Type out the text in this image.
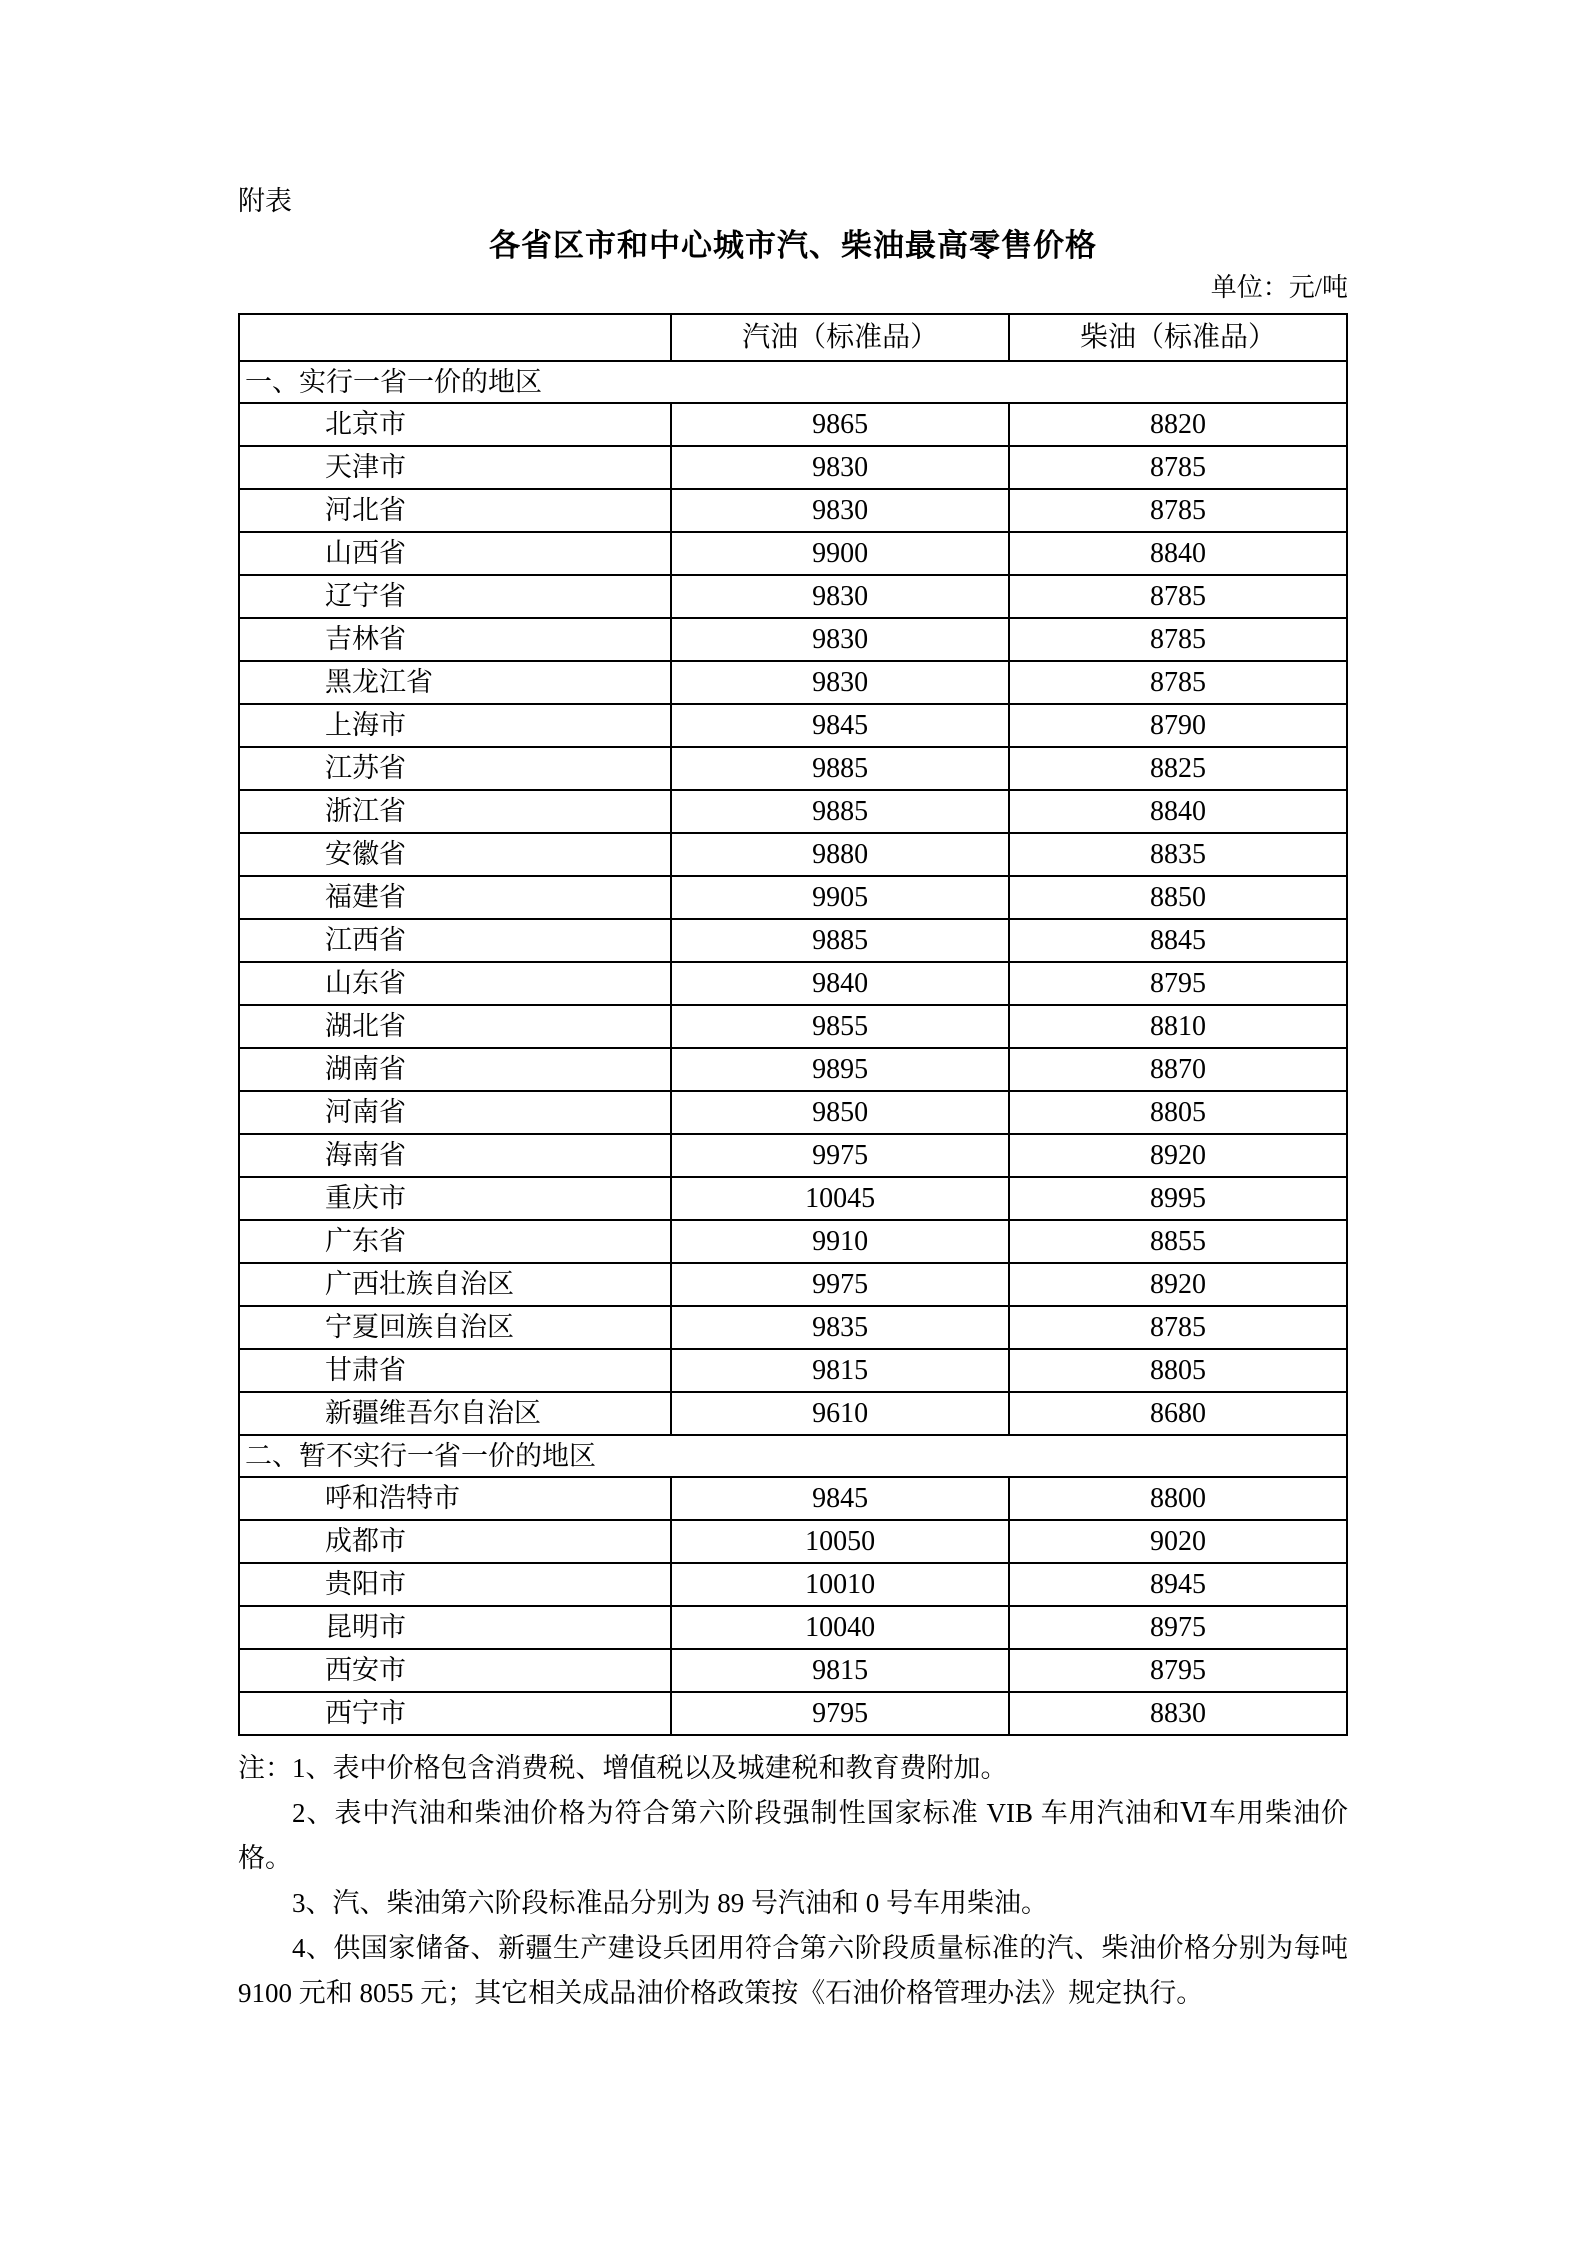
附表
各省区市和中心城市汽、柴油最高零售价格
单位：元/吨
	汽油（标准品）	柴油（标准品）
一、实行一省一价的地区		
北京市	9865	8820
天津市	9830	8785
河北省	9830	8785
山西省	9900	8840
辽宁省	9830	8785
吉林省	9830	8785
黑龙江省	9830	8785
上海市	9845	8790
江苏省	9885	8825
浙江省	9885	8840
安徽省	9880	8835
福建省	9905	8850
江西省	9885	8845
山东省	9840	8795
湖北省	9855	8810
湖南省	9895	8870
河南省	9850	8805
海南省	9975	8920
重庆市	10045	8995
广东省	9910	8855
广西壮族自治区	9975	8920
宁夏回族自治区	9835	8785
甘肃省	9815	8805
新疆维吾尔自治区	9610	8680
二、暂不实行一省一价的地区		
呼和浩特市	9845	8800
成都市	10050	9020
贵阳市	10010	8945
昆明市	10040	8975
西安市	9815	8795
西宁市	9795	8830

注：1、表中价格包含消费税、增值税以及城建税和教育费附加。

2、表中汽油和柴油价格为符合第六阶段强制性国家标准 VIB 车用汽油和Ⅵ车用柴油价格。

3、汽、柴油第六阶段标准品分别为 89 号汽油和 0 号车用柴油。

4、供国家储备、新疆生产建设兵团用符合第六阶段质量标准的汽、柴油价格分别为每吨 9100 元和 8055 元；其它相关成品油价格政策按《石油价格管理办法》规定执行。
